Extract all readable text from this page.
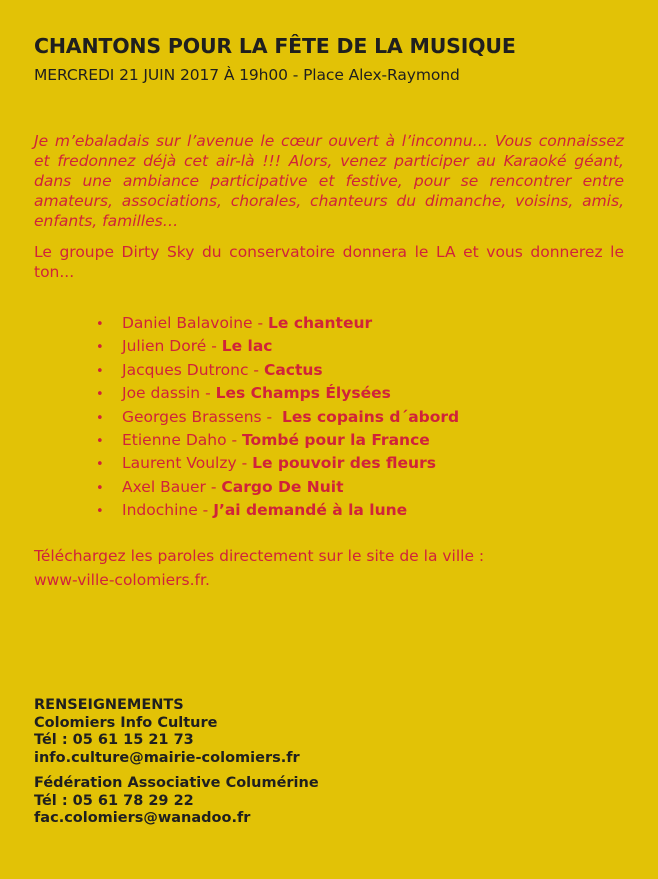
CHANTONS POUR LA FÊTE DE LA MUSIQUE
MERCREDI 21 JUIN 2017 À 19h00 - Place Alex-Raymond
Je m’ebaladais sur l’avenue le cœur ouvert à l’inconnu… Vous connaissez et fredonnez déjà cet air-là !!! Alors, venez participer au Karaoké géant, dans une ambiance participative et festive, pour se rencontrer entre amateurs, associations, chorales, chanteurs du dimanche, voisins, amis, enfants, familles…
Le groupe Dirty Sky du conservatoire donnera le LA et vous donnerez le ton...
•	Daniel Balavoine - Le chanteur
•	Julien Doré - Le lac
•	Jacques Dutronc - Cactus
•	Joe dassin - Les Champs Élysées
•	Georges Brassens - Les copains d´abord
•	Etienne Daho - Tombé pour la France
•	Laurent Voulzy - Le pouvoir des fleurs
•	Axel Bauer - Cargo De Nuit
•	Indochine - J’ai demandé à la lune
Téléchargez les paroles directement sur le site de la ville :
www-ville-colomiers.fr.
RENSEIGNEMENTS
Colomiers Info Culture
Tél : 05 61 15 21 73
info.culture@mairie-colomiers.fr
Fédération Associative Columérine
Tél : 05 61 78 29 22
fac.colomiers@wanadoo.fr
